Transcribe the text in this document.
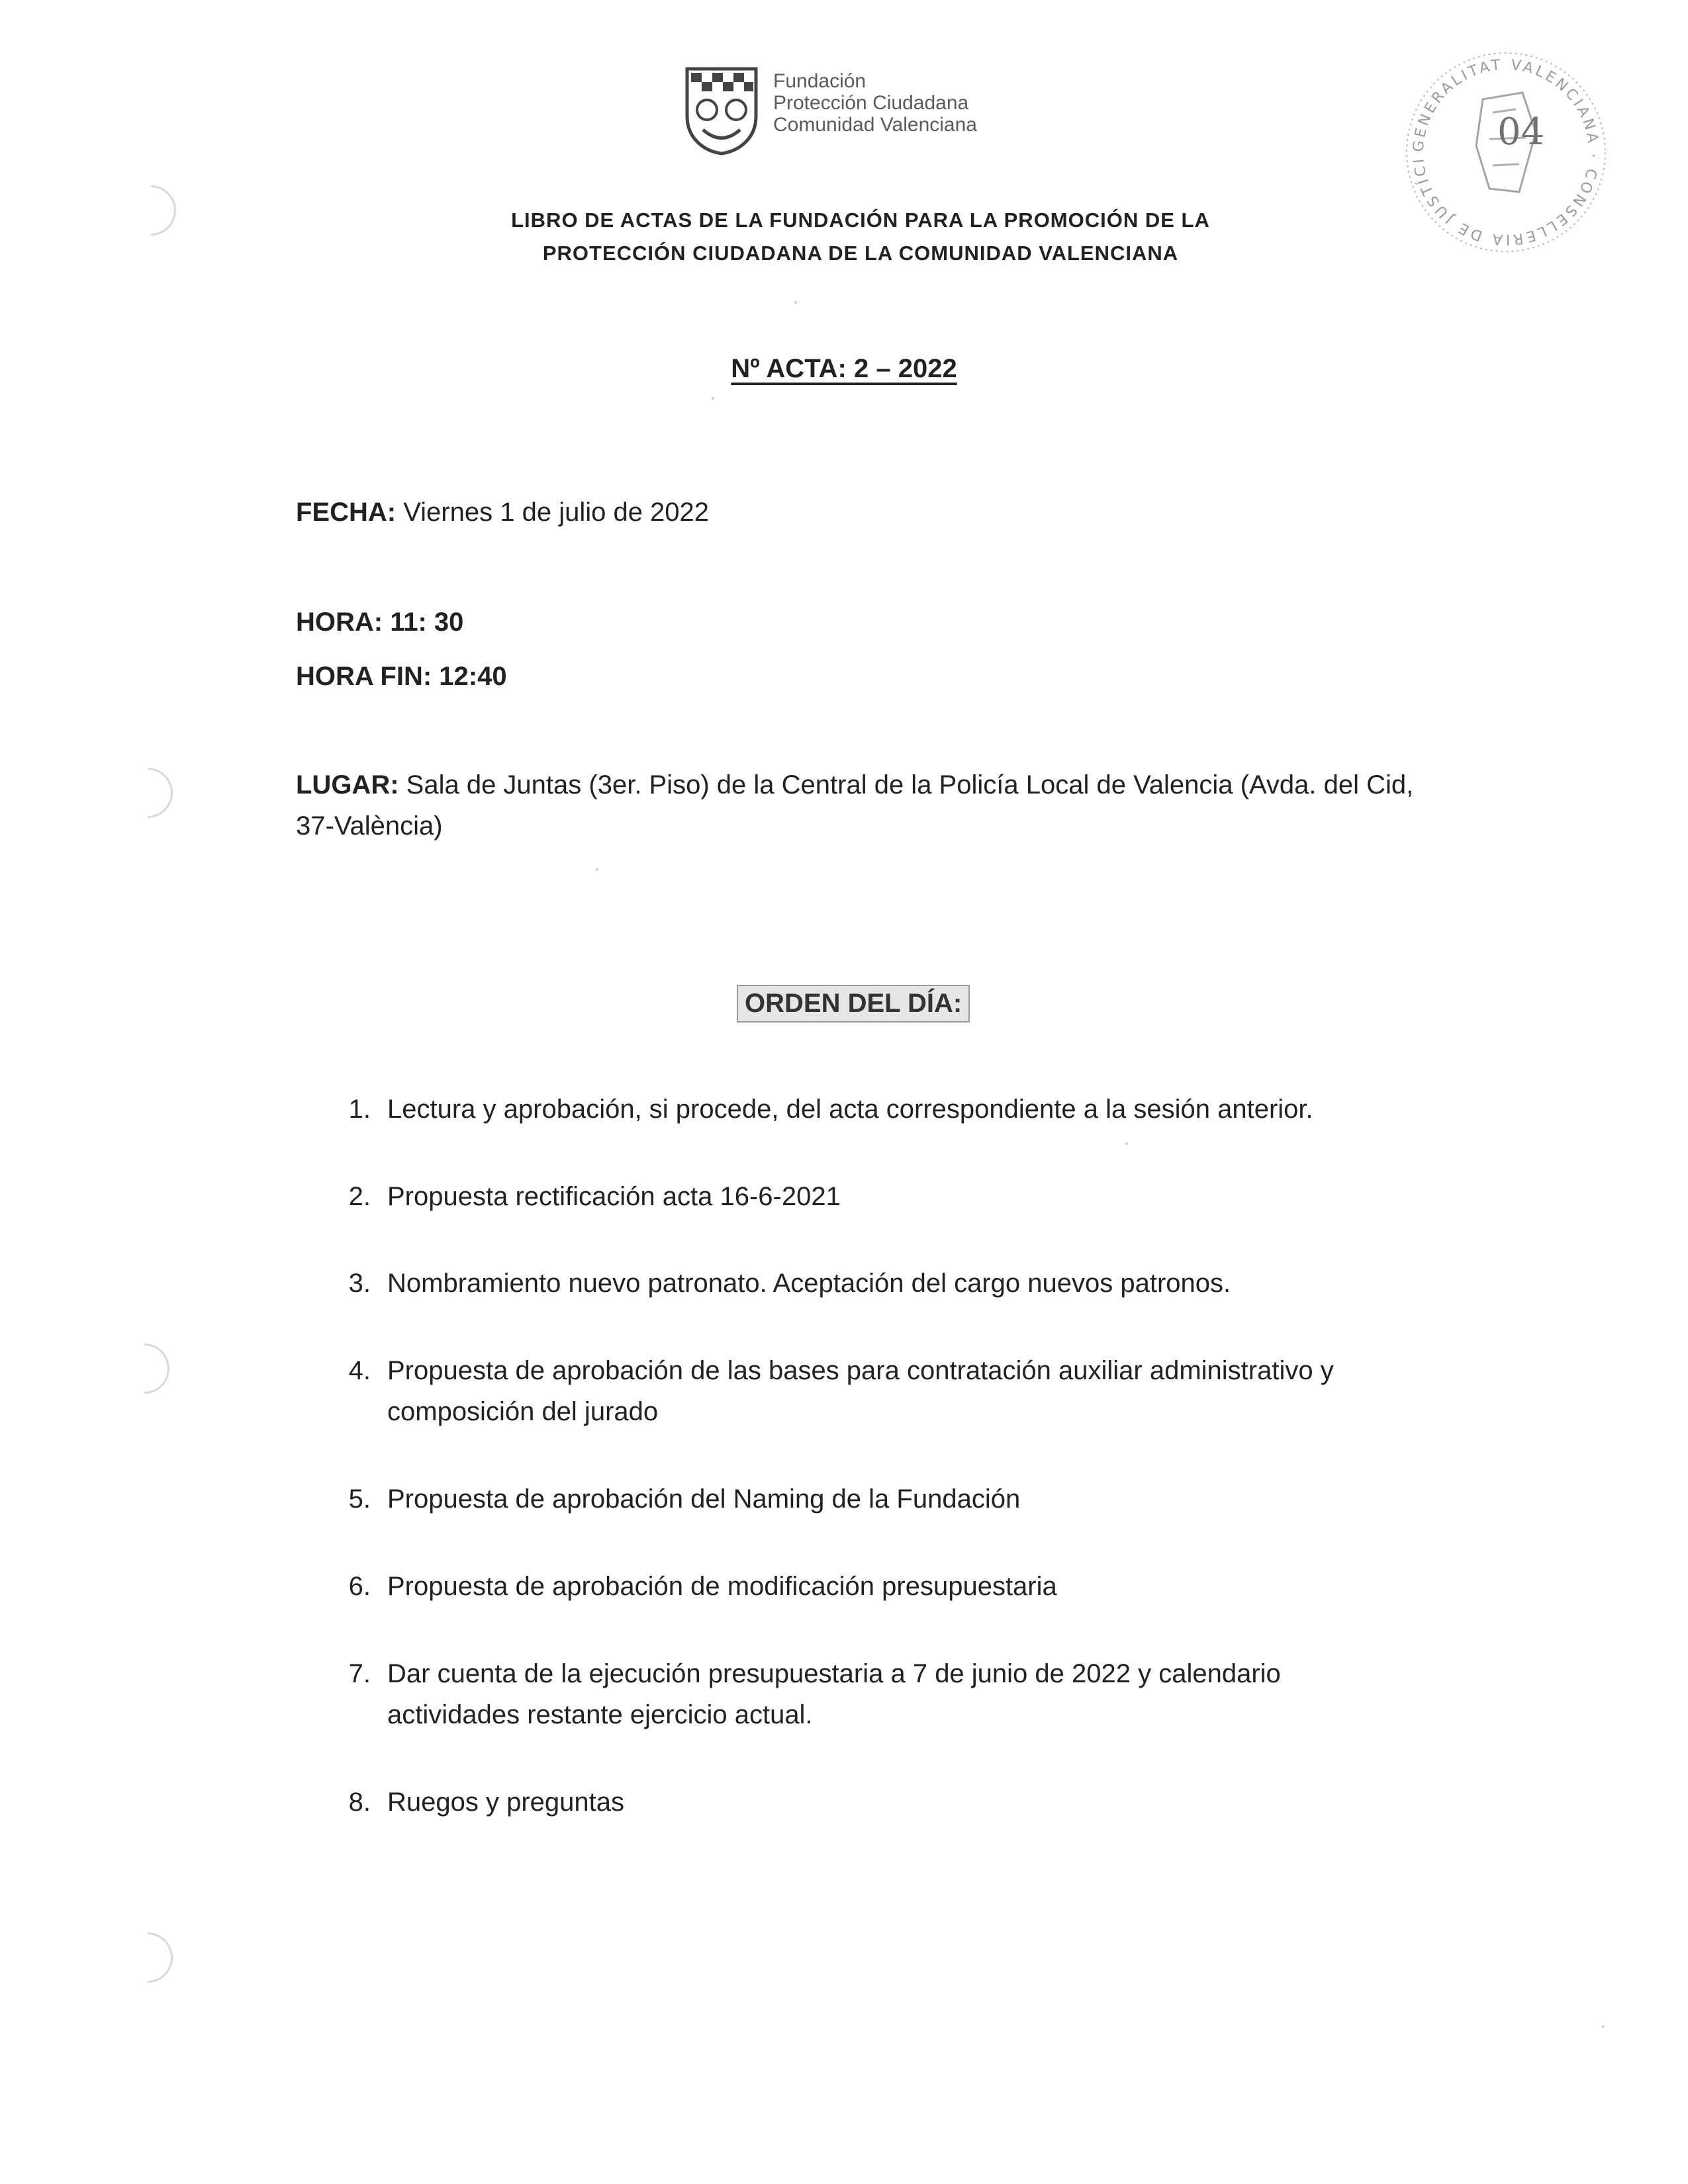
Fundación
Protección Ciudadana
Comunidad Valenciana
GENERALITAT VALENCIANA · CONSELLERIA DE JUSTÍCI
04
LIBRO DE ACTAS DE LA FUNDACIÓN PARA LA PROMOCIÓN DE LA
PROTECCIÓN CIUDADANA DE LA COMUNIDAD VALENCIANA
Nº ACTA: 2 – 2022
FECHA: Viernes 1 de julio de 2022
HORA: 11: 30
HORA FIN: 12:40
LUGAR: Sala de Juntas (3er. Piso) de la Central de la Policía Local de Valencia (Avda. del Cid, 37-València)
ORDEN DEL DÍA:
1. Lectura y aprobación, si procede, del acta correspondiente a la sesión anterior.
2. Propuesta rectificación acta 16-6-2021
3. Nombramiento nuevo patronato. Aceptación del cargo nuevos patronos.
4. Propuesta de aprobación de las bases para contratación auxiliar administrativo y composición del jurado
5. Propuesta de aprobación del Naming de la Fundación
6. Propuesta de aprobación de modificación presupuestaria
7. Dar cuenta de la ejecución presupuestaria a 7 de junio de 2022 y calendario actividades restante ejercicio actual.
8. Ruegos y preguntas
